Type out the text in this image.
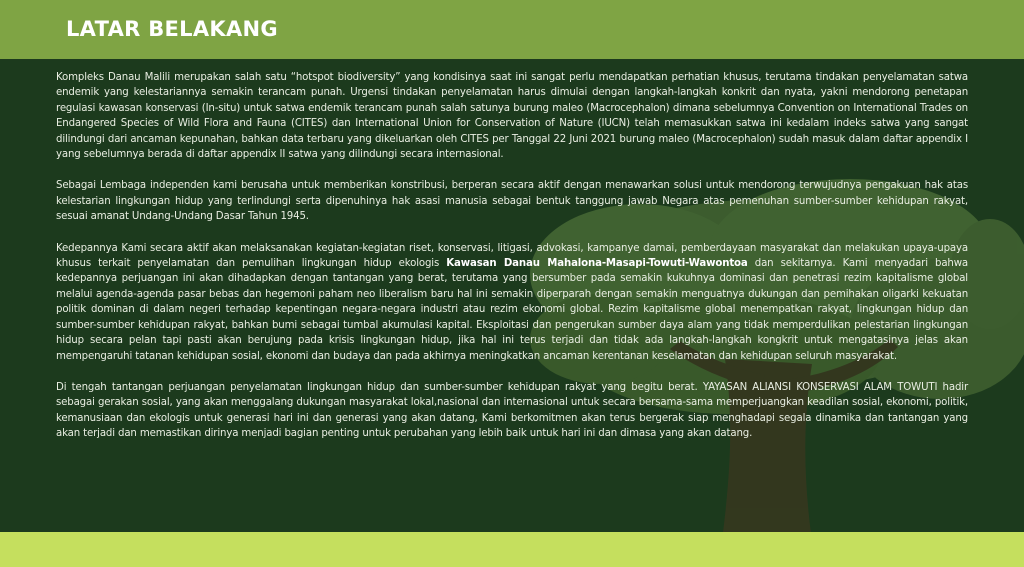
LATAR BELAKANG

Kompleks Danau Malili merupakan salah satu “hotspot biodiversity” yang kondisinya saat ini sangat perlu mendapatkan perhatian khusus, terutama tindakan penyelamatan satwa endemik yang kelestariannya semakin terancam punah. Urgensi tindakan penyelamatan harus dimulai dengan langkah-langkah konkrit dan nyata, yakni mendorong penetapan regulasi kawasan konservasi (In-situ) untuk satwa endemik terancam punah salah satunya burung maleo (Macrocephalon) dimana sebelumnya Convention on International Trades on Endangered Species of Wild Flora and Fauna (CITES) dan International Union for Conservation of Nature (IUCN) telah memasukkan satwa ini kedalam indeks satwa yang sangat dilindungi dari ancaman kepunahan, bahkan data terbaru yang dikeluarkan oleh CITES per Tanggal 22 Juni 2021 burung maleo (Macrocephalon) sudah masuk dalam daftar appendix I yang sebelumnya berada di daftar appendix II satwa yang dilindungi secara internasional.

Sebagai Lembaga independen kami berusaha untuk memberikan konstribusi, berperan secara aktif dengan menawarkan solusi untuk mendorong terwujudnya pengakuan hak atas kelestarian lingkungan hidup yang terlindungi serta dipenuhinya hak asasi manusia sebagai bentuk tanggung jawab Negara atas pemenuhan sumber-sumber kehidupan rakyat, sesuai amanat Undang-Undang Dasar Tahun 1945.

Kedepannya Kami secara aktif akan melaksanakan kegiatan-kegiatan riset, konservasi, litigasi, advokasi, kampanye damai, pemberdayaan masyarakat dan melakukan upaya-upaya khusus terkait penyelamatan dan pemulihan lingkungan hidup ekologis Kawasan Danau Mahalona-Masapi-Towuti-Wawontoa dan sekitarnya. Kami menyadari bahwa kedepannya perjuangan ini akan dihadapkan dengan tantangan yang berat, terutama yang bersumber pada semakin kukuhnya dominasi dan penetrasi rezim kapitalisme global melalui agenda-agenda pasar bebas dan hegemoni paham neo liberalism baru hal ini semakin diperparah dengan semakin menguatnya dukungan dan pemihakan oligarki kekuatan politik dominan di dalam negeri terhadap kepentingan negara-negara industri atau rezim ekonomi global. Rezim kapitalisme global menempatkan rakyat, lingkungan hidup dan sumber-sumber kehidupan rakyat, bahkan bumi sebagai tumbal akumulasi kapital. Eksploitasi dan pengerukan sumber daya alam yang tidak memperdulikan pelestarian lingkungan hidup secara pelan tapi pasti akan berujung pada krisis lingkungan hidup, jika hal ini terus terjadi dan tidak ada langkah-langkah kongkrit untuk mengatasinya jelas akan mempengaruhi tatanan kehidupan sosial, ekonomi dan budaya dan pada akhirnya meningkatkan ancaman kerentanan keselamatan dan kehidupan seluruh masyarakat.

Di tengah tantangan perjuangan penyelamatan lingkungan hidup dan sumber-sumber kehidupan rakyat yang begitu berat. YAYASAN ALIANSI KONSERVASI ALAM TOWUTI hadir sebagai gerakan sosial, yang akan menggalang dukungan masyarakat lokal,nasional dan internasional untuk secara bersama-sama memperjuangkan keadilan sosial, ekonomi, politik, kemanusiaan dan ekologis untuk generasi hari ini dan generasi yang akan datang, Kami berkomitmen akan terus bergerak siap menghadapi segala dinamika dan tantangan yang akan terjadi dan memastikan dirinya menjadi bagian penting untuk perubahan yang lebih baik untuk hari ini dan dimasa yang akan datang.
